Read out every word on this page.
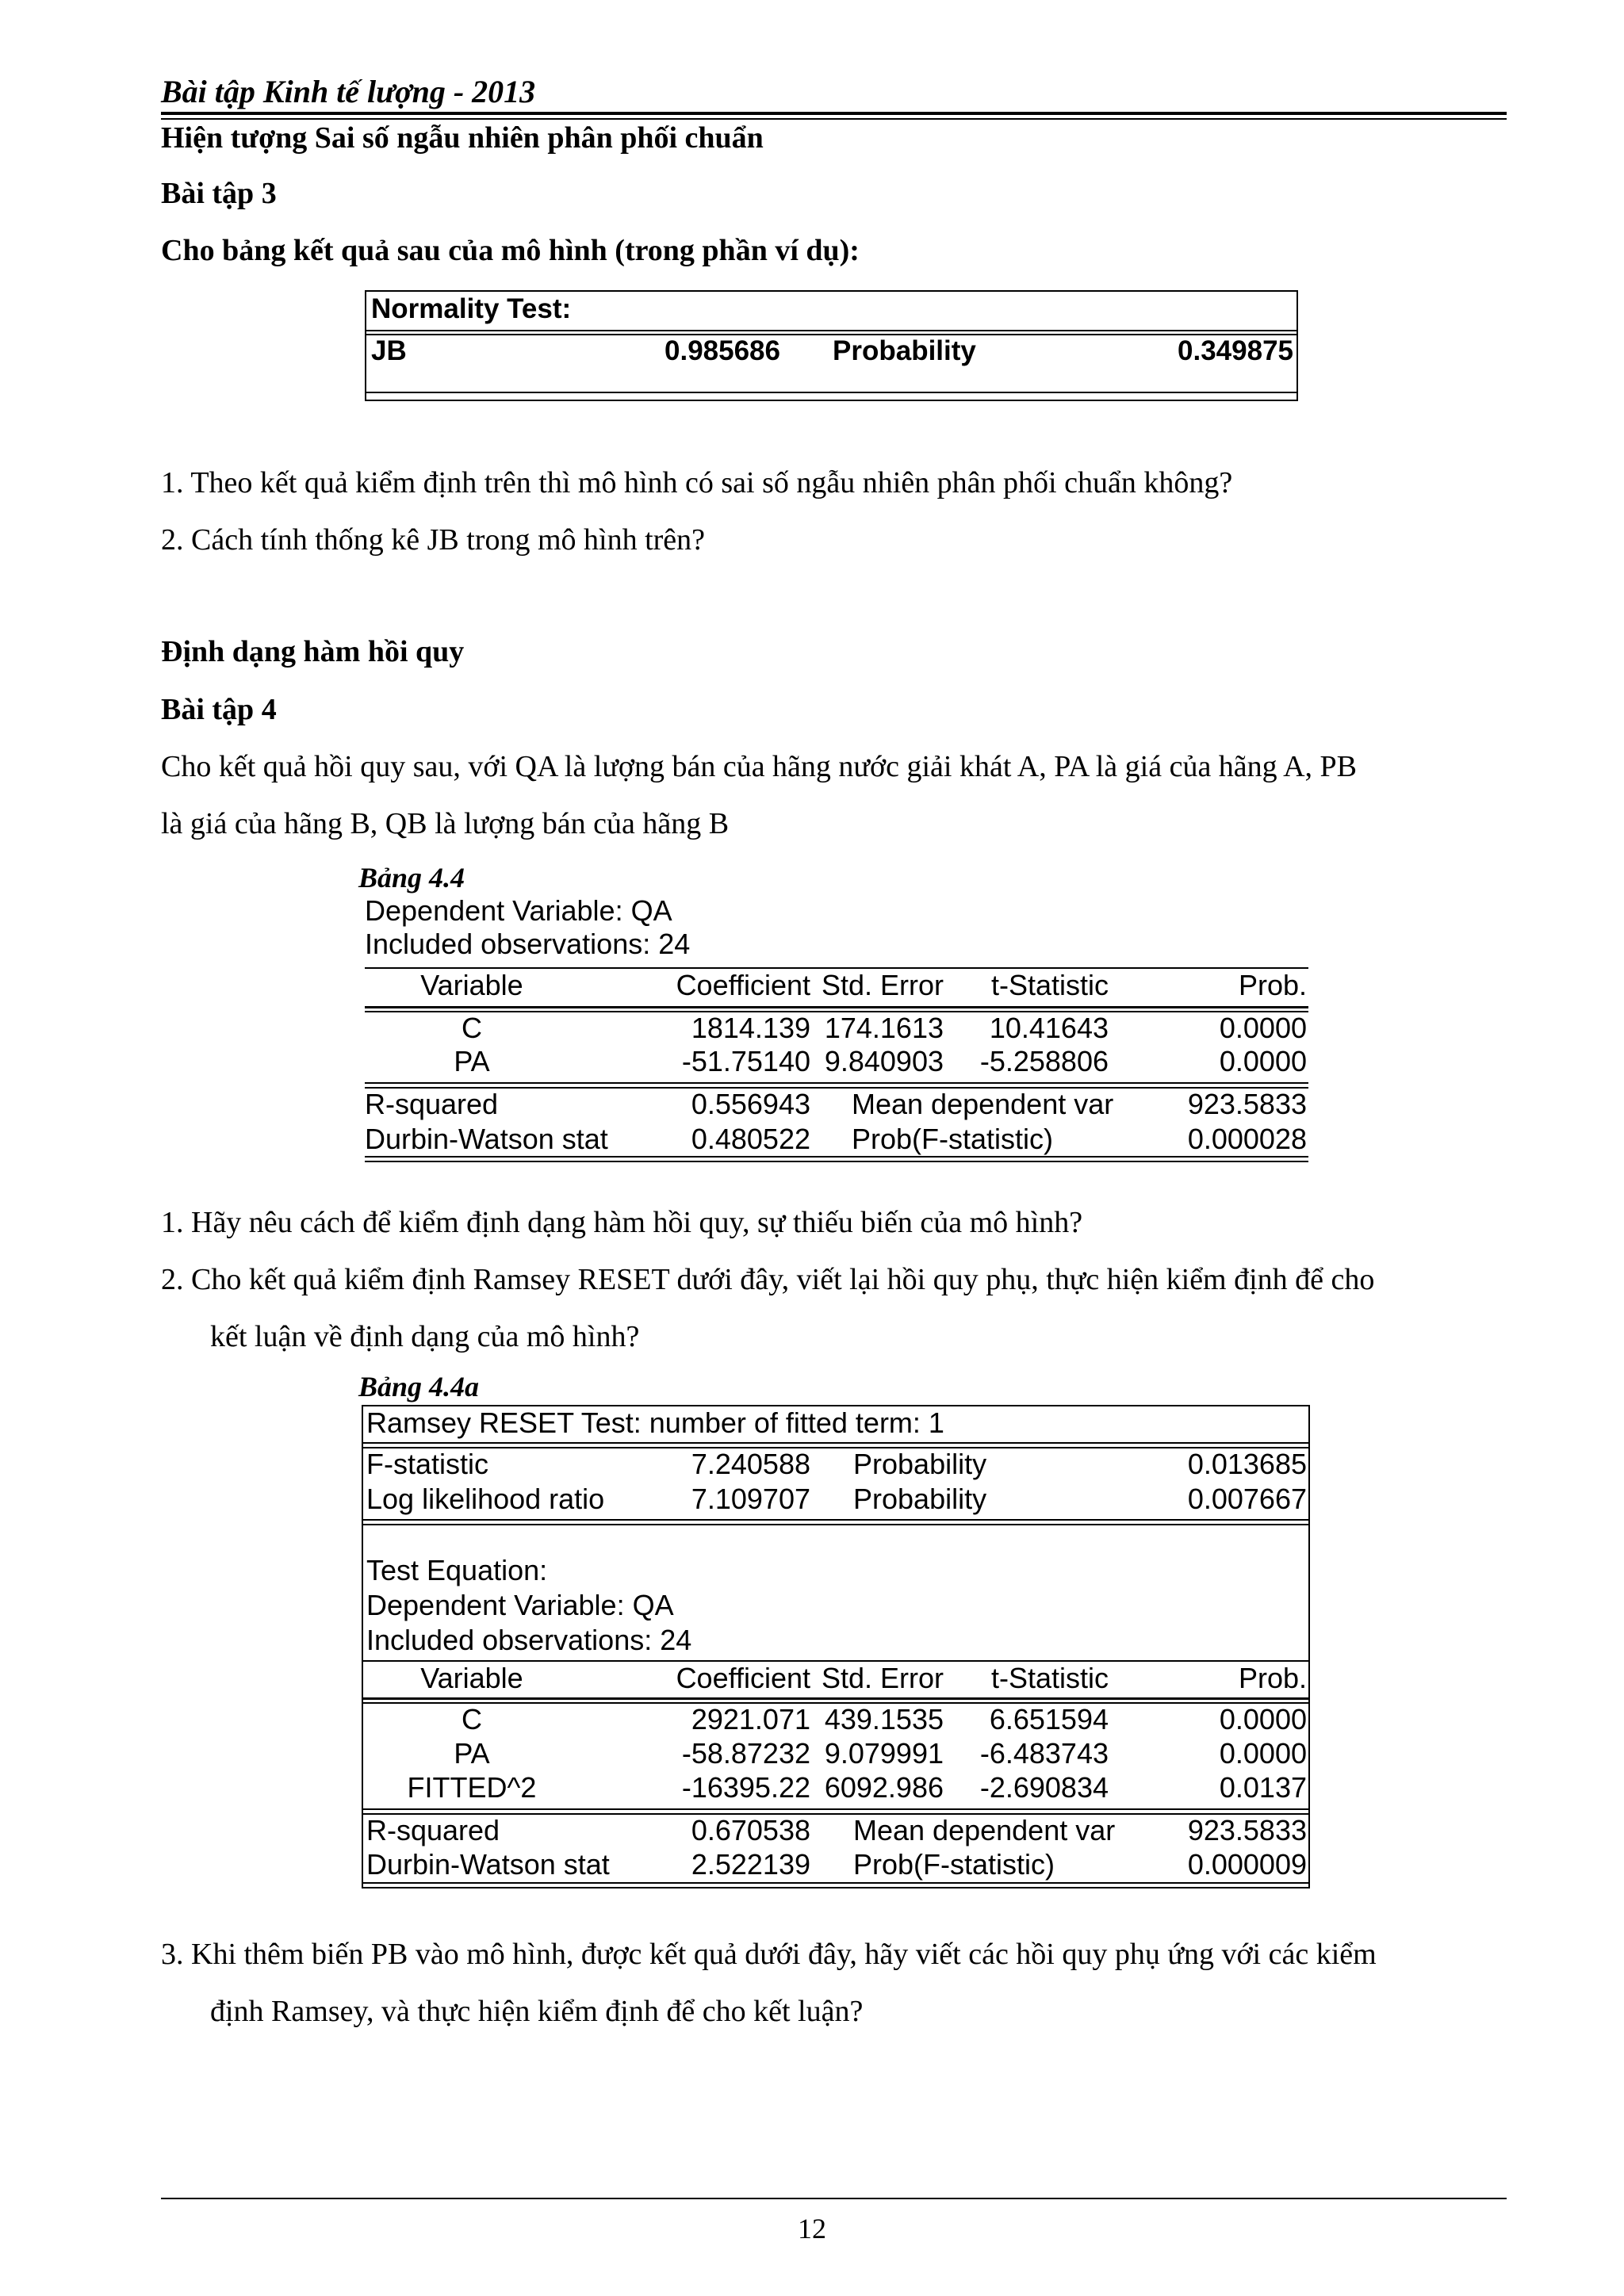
Bài tập Kinh tế lượng - 2013
Hiện tượng Sai số ngẫu nhiên phân phối chuẩn
Bài tập 3
Cho bảng kết quả sau của mô hình (trong phần ví dụ):
Normality Test:
JB	0.985686 Probability	0.349875
1. Theo kết quả kiểm định trên thì mô hình có sai số ngẫu nhiên phân phối chuẩn không?
2. Cách tính thống kê JB trong mô hình trên?
Định dạng hàm hồi quy
Bài tập 4
Cho kết quả hồi quy sau, với QA là lượng bán của hãng nước giải khát A, PA là giá của hãng A, PB
là giá của hãng B, QB là lượng bán của hãng B
Bảng 4.4
Dependent Variable: QA
Included observations: 24
Variable	Coefficient Std. Error	t-Statistic	Prob.
C	1814.139 174.1613	10.41643	0.0000
PA	-51.75140 9.840903	-5.258806	0.0000
R-squared	0.556943 Mean dependent var	923.5833
Durbin-Watson stat	0.480522 Prob(F-statistic)	0.000028
1. Hãy nêu cách để kiểm định dạng hàm hồi quy, sự thiếu biến của mô hình?
2. Cho kết quả kiểm định Ramsey RESET dưới đây, viết lại hồi quy phụ, thực hiện kiểm định để cho
kết luận về định dạng của mô hình?
Bảng 4.4a
Ramsey RESET Test: number of fitted term: 1
F-statistic	7.240588 Probability	0.013685
Log likelihood ratio	7.109707 Probability	0.007667
Test Equation:
Dependent Variable: QA
Included observations: 24
Variable	Coefficient Std. Error	t-Statistic	Prob.
C	2921.071 439.1535	6.651594	0.0000
PA	-58.87232 9.079991	-6.483743	0.0000
FITTED^2	-16395.22 6092.986	-2.690834	0.0137
R-squared	0.670538 Mean dependent var	923.5833
Durbin-Watson stat	2.522139 Prob(F-statistic)	0.000009
3. Khi thêm biến PB vào mô hình, được kết quả dưới đây, hãy viết các hồi quy phụ ứng với các kiểm
định Ramsey, và thực hiện kiểm định để cho kết luận?
12
